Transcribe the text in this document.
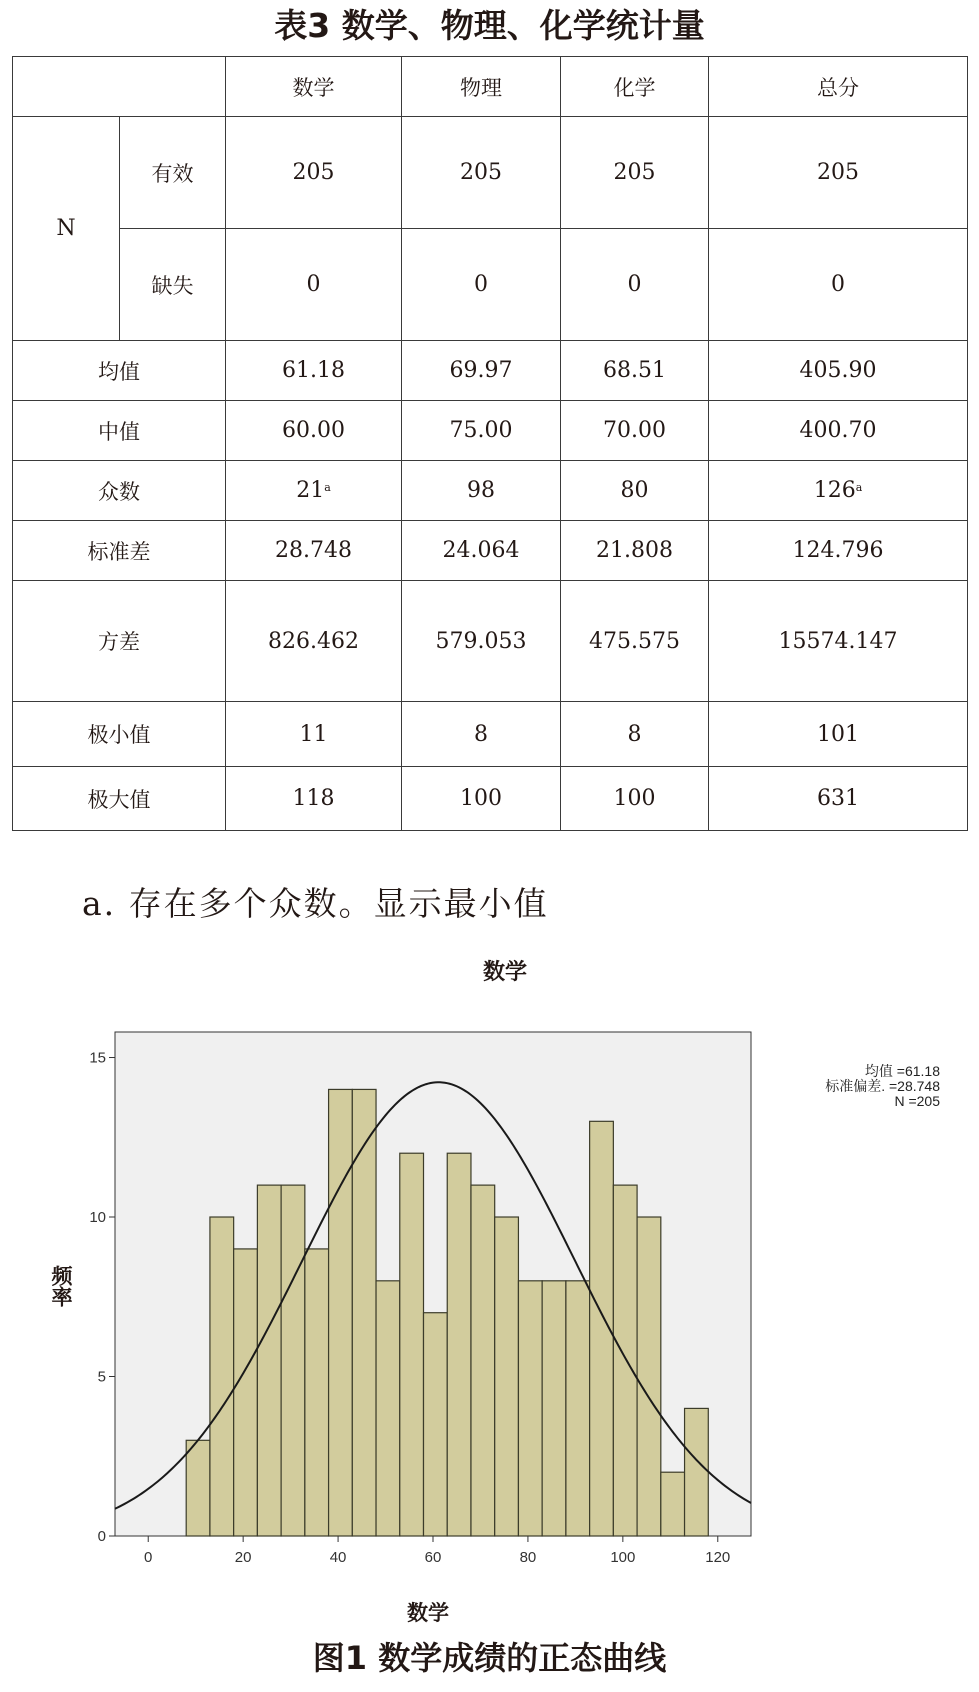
表3 数学、物理、化学统计量
		数学	物理	化学	总分
N	有效	205	205	205	205
	缺失	0	0	0	0
均值		61.18	69.97	68.51	405.90
中值		60.00	75.00	70.00	400.70
众数		21$^a$	98	80	126$^a$
标准差		28.748	24.064	21.808	124.796
方差		826.462	579.053	475.575	15574.147
极小值		11	8	8	101
极大值		118	100	100	631
a. 存在多个众数。显示最小值
数学
0	20	40	60	80	100	120
0
5
10
15
数学
频率
均值 =61.18
标准偏差. =28.748
N =205
图1 数学成绩的正态曲线
